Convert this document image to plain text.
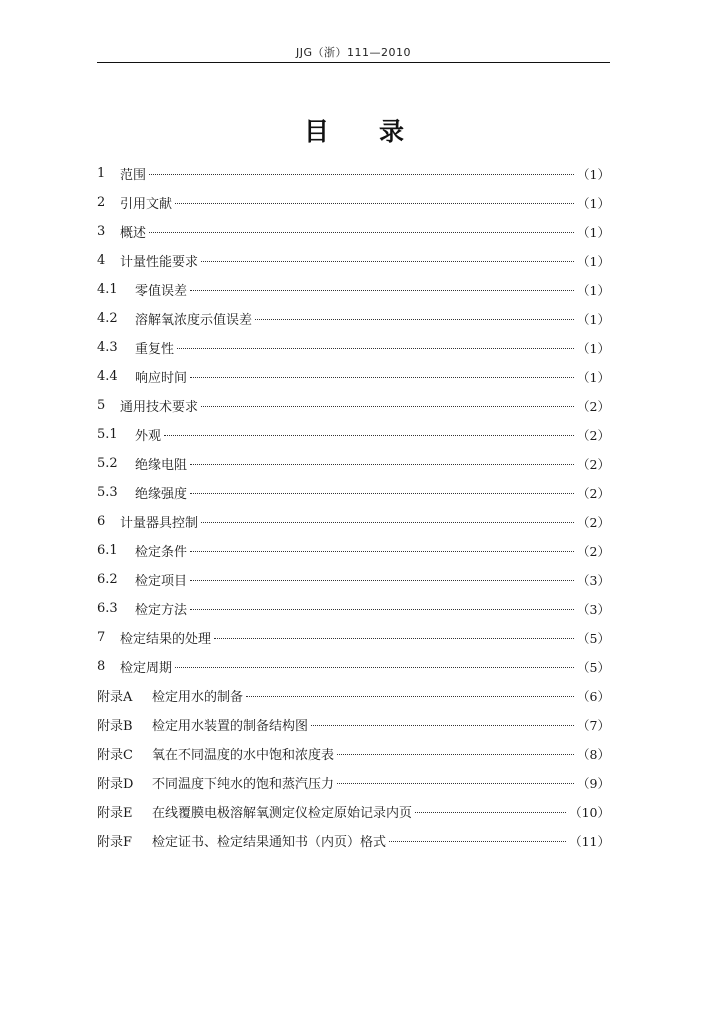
JJG（浙）111—2010
目录
1	范围	（1）
2	引用文献	（1）
3	概述	（1）
4	计量性能要求	（1）
4.1	零值误差	（1）
4.2	溶解氧浓度示值误差	（1）
4.3	重复性	（1）
4.4	响应时间	（1）
5	通用技术要求	（2）
5.1	外观	（2）
5.2	绝缘电阻	（2）
5.3	绝缘强度	（2）
6	计量器具控制	（2）
6.1	检定条件	（2）
6.2	检定项目	（3）
6.3	检定方法	（3）
7	检定结果的处理	（5）
8	检定周期	（5）
附录A	检定用水的制备	（6）
附录B	检定用水装置的制备结构图	（7）
附录C	氧在不同温度的水中饱和浓度表	（8）
附录D	不同温度下纯水的饱和蒸汽压力	（9）
附录E	在线覆膜电极溶解氧测定仪检定原始记录内页	（10）
附录F	检定证书、检定结果通知书（内页）格式	（11）
